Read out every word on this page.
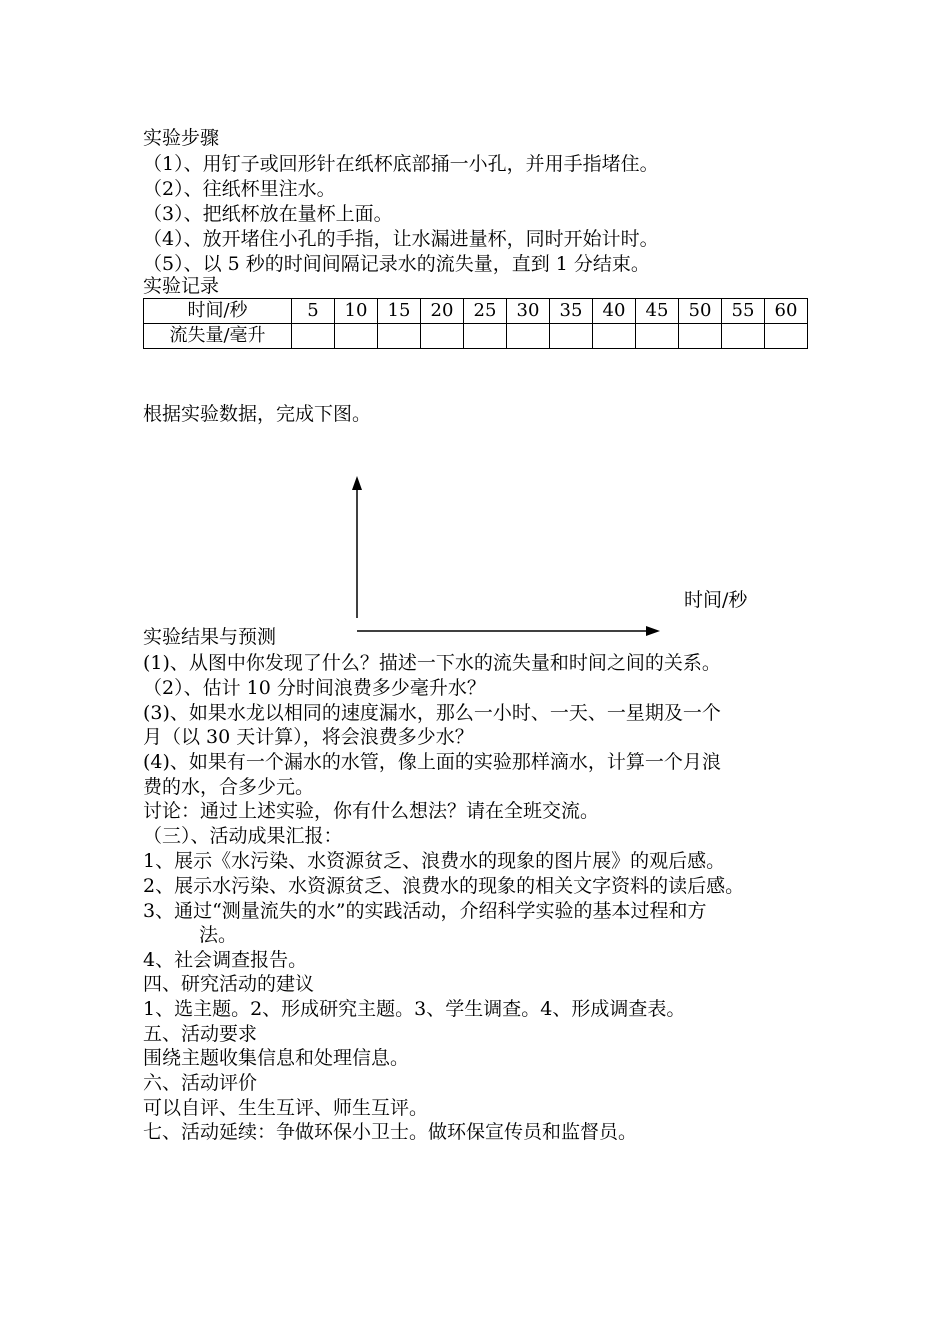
实验步骤
（1）、用钉子或回形针在纸杯底部捅一小孔，并用手指堵住。
（2）、往纸杯里注水。
（3）、把纸杯放在量杯上面。
（4）、放开堵住小孔的手指，让水漏进量杯，同时开始计时。
（5）、以 5 秒的时间间隔记录水的流失量，直到 1 分结束。
实验记录
时间/秒	5	10	15	20	25	30	35	40	45	50	55	60
流失量/毫升												
根据实验数据，完成下图。
时间/秒
实验结果与预测
(1)、从图中你发现了什么？描述一下水的流失量和时间之间的关系。
（2）、估计 10 分时间浪费多少毫升水？
(3)、如果水龙以相同的速度漏水，那么一小时、一天、一星期及一个
月（以 30 天计算），将会浪费多少水？
(4)、如果有一个漏水的水管，像上面的实验那样滴水，计算一个月浪
费的水，合多少元。
讨论：通过上述实验，你有什么想法？请在全班交流。
（三）、活动成果汇报：
1、展示《水污染、水资源贫乏、浪费水的现象的图片展》的观后感。
2、展示水污染、水资源贫乏、浪费水的现象的相关文字资料的读后感。
3、通过“测量流失的水”的实践活动，介绍科学实验的基本过程和方
法。
4、社会调查报告。
四、研究活动的建议
1、选主题。2、形成研究主题。3、学生调查。4、形成调查表。
五、活动要求
围绕主题收集信息和处理信息。
六、活动评价
可以自评、生生互评、师生互评。
七、活动延续：争做环保小卫士。做环保宣传员和监督员。
